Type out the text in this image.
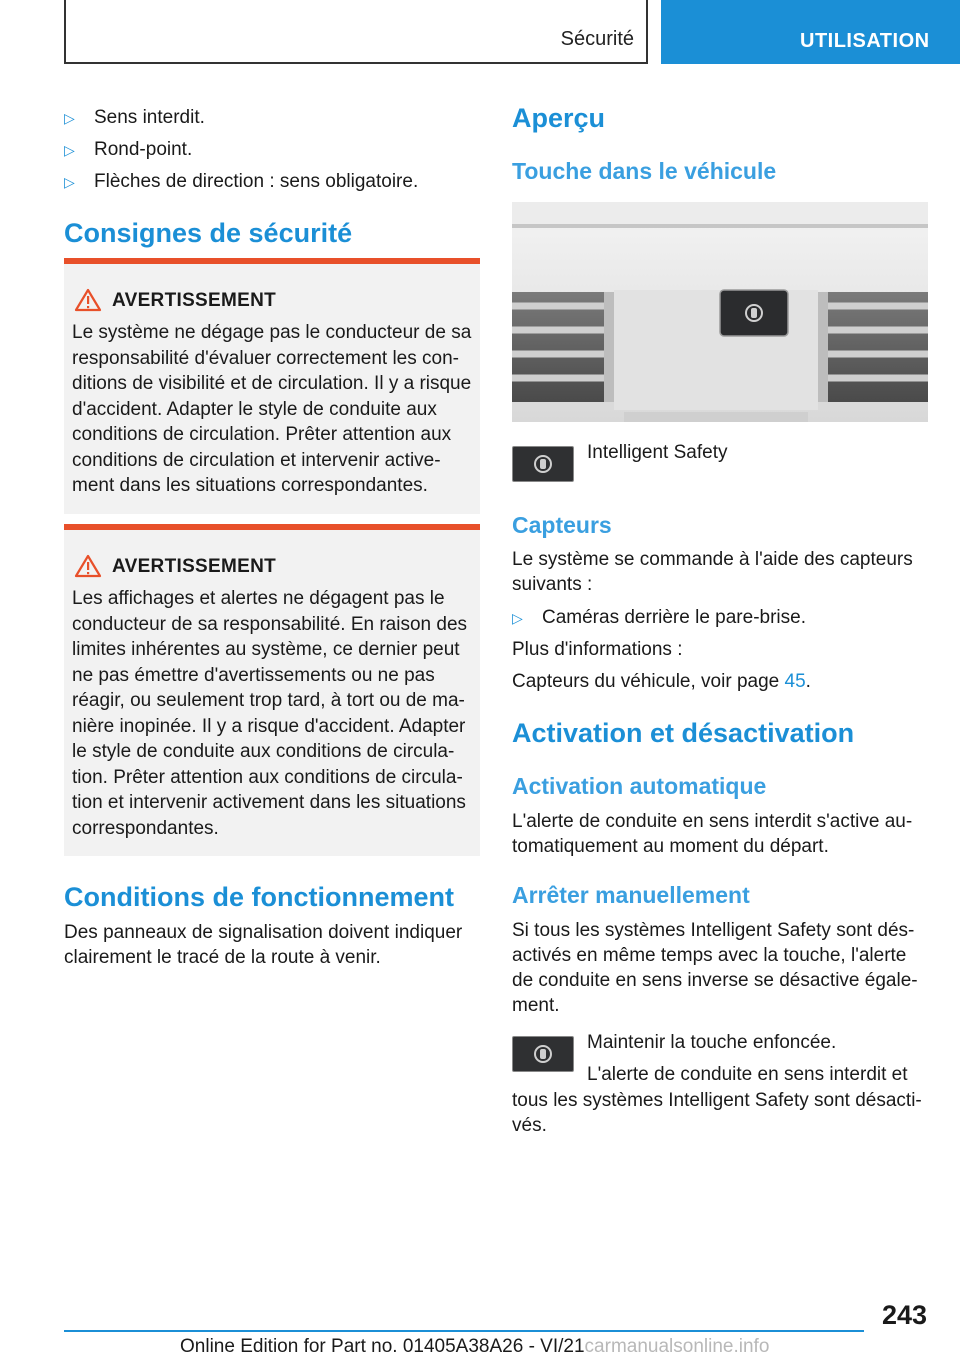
Sécurité	UTILISATION
▷ Sens interdit.
▷ Rond-point.
▷ Flèches de direction : sens obligatoire.
Consignes de sécurité
AVERTISSEMENT
Le système ne dégage pas le conducteur de sa
responsabilité d'évaluer correctement les con-
ditions de visibilité et de circulation. Il y a risque
d'accident. Adapter le style de conduite aux
conditions de circulation. Prêter attention aux
conditions de circulation et intervenir active-
ment dans les situations correspondantes.
AVERTISSEMENT
Les affichages et alertes ne dégagent pas le
conducteur de sa responsabilité. En raison des
limites inhérentes au système, ce dernier peut
ne pas émettre d'avertissements ou ne pas
réagir, ou seulement trop tard, à tort ou de ma-
nière inopinée. Il y a risque d'accident. Adapter
le style de conduite aux conditions de circula-
tion. Prêter attention aux conditions de circula-
tion et intervenir activement dans les situations
correspondantes.
Conditions de fonctionnement
Des panneaux de signalisation doivent indiquer
clairement le tracé de la route à venir.
Aperçu
Touche dans le véhicule
Intelligent Safety
Capteurs
Le système se commande à l'aide des capteurs
suivants :
▷ Caméras derrière le pare-brise.
Plus d'informations :
Capteurs du véhicule, voir page 45.
Activation et désactivation
Activation automatique
L'alerte de conduite en sens interdit s'active au-
tomatiquement au moment du départ.
Arrêter manuellement
Si tous les systèmes Intelligent Safety sont dés-
activés en même temps avec la touche, l'alerte
de conduite en sens inverse se désactive égale-
ment.
Maintenir la touche enfoncée.
L'alerte de conduite en sens interdit et
tous les systèmes Intelligent Safety sont désacti-
vés.
243
Online Edition for Part no. 01405A38A26 - VI/21carmanualsonline.info
